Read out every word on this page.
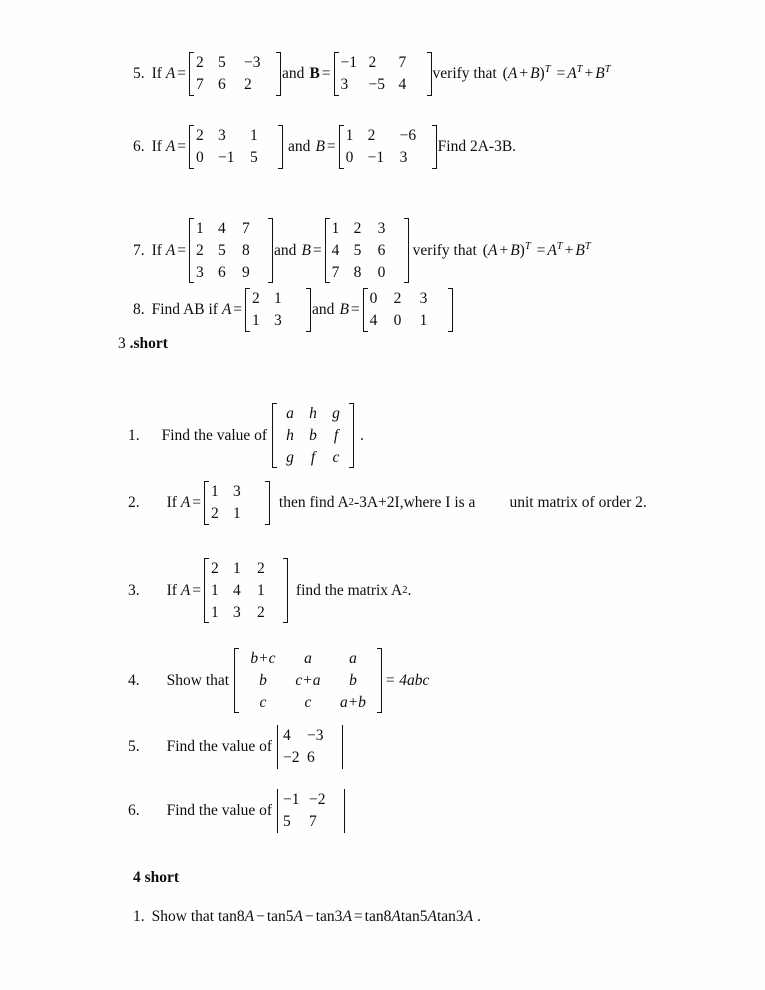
5. If A =
2 5	−3
7 6	2
and B =
−1 2	7
3	−5 4
verify that $(A + B)^T = A^T + B^T$
6. If A =
2 3	1
0 −1	5
and B =
1 2	−6
0 −1	3
Find 2A-3B.
7. If A =
1 4	7
2 5	8
3 6	9
and B =
1 2	3
4 5	6
7 8	0
verify that $(A + B)^T = A^T + B^T$
8. Find AB if A =
2 1
1 3
and B =
0	2	3
4	0	1
3 .short
1.	Find the value of
a h g
h b	f
g	f	c
.
2.	If A =
1 3
2 1
then find A 2 -3A+2I,where I is a unit matrix of order 2.
3.	If A =
2 1	2
1 4	1
1 3	2
find the matrix A 2 .
4.	Show that
b+c	a	a
b	c+a	b
c	c	a+b
= 4abc
5.	Find the value of
4	−3
−2 6
6.	Find the value of
−1 −2
5	7
4 short
1. Show that tan8A − tan5A − tan3A = tan8Atan5Atan3A .
